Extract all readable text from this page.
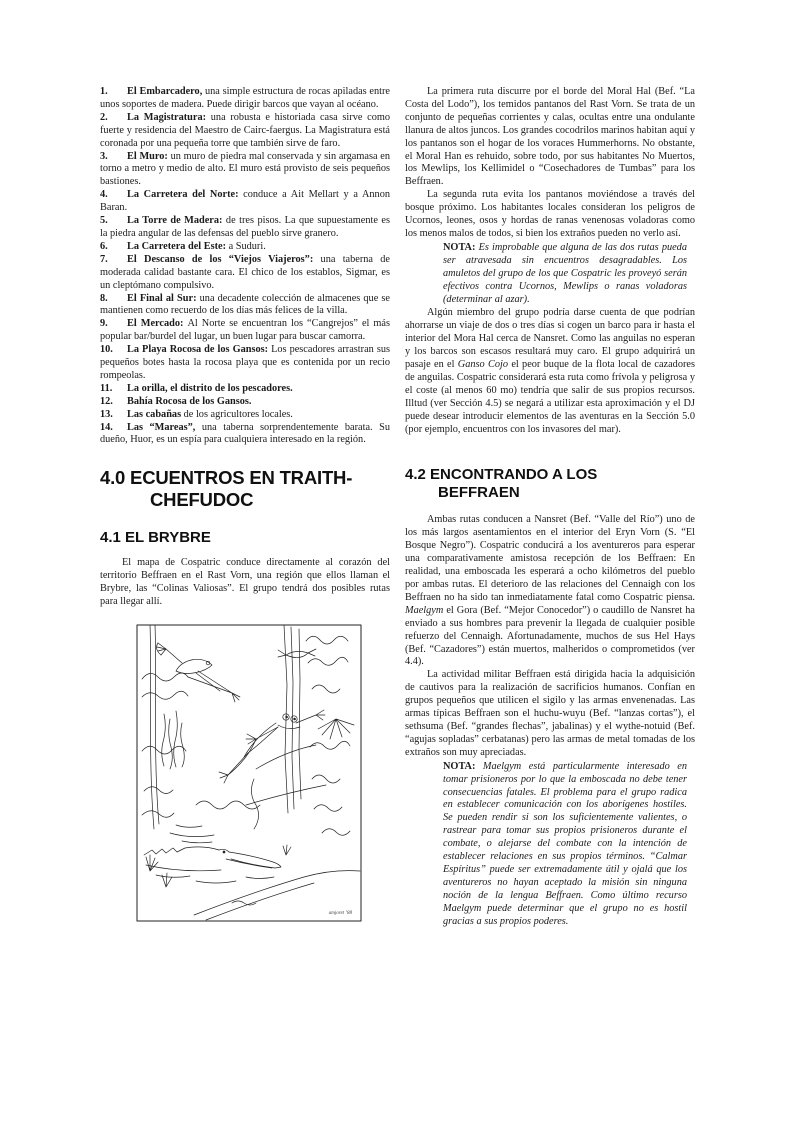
1. El Embarcadero, una simple estructura de rocas apiladas entre unos soportes de madera. Puede dirigir barcos que vayan al océano.

2. La Magistratura: una robusta e historiada casa sirve como fuerte y residencia del Maestro de Cairc-faergus. La Magistratura está coronada por una pequeña torre que también sirve de faro.

3. El Muro: un muro de piedra mal conservada y sin argamasa en torno a metro y medio de alto. El muro está provisto de seis pequeños bastiones.

4. La Carretera del Norte: conduce a Ait Mellart y a Annon Baran.

5. La Torre de Madera: de tres pisos. La que supuestamente es la piedra angular de las defensas del pueblo sirve granero.

6. La Carretera del Este: a Suduri.

7. El Descanso de los “Viejos Viajeros”: una taberna de moderada calidad bastante cara. El chico de los establos, Sigmar, es un cleptómano compulsivo.

8. El Final al Sur: una decadente colección de almacenes que se mantienen como recuerdo de los días más felices de la villa.

9. El Mercado: Al Norte se encuentran los “Cangrejos” el más popular bar/burdel del lugar, un buen lugar para buscar camorra.

10. La Playa Rocosa de los Gansos: Los pescadores arrastran sus pequeños botes hasta la rocosa playa que es contenida por un recio rompeolas.

11. La orilla, el distrito de los pescadores.

12. Bahía Rocosa de los Gansos.

13. Las cabañas de los agricultores locales.

14. Las “Mareas”, una taberna sorprendentemente barata. Su dueño, Huor, es un espía para cualquiera interesado en la región.

4.0 ECUENTROS EN TRAITH-
CHEFUDOC
4.1 EL BRYBRE

El mapa de Cospatric conduce directamente al corazón del territorio Beffraen en el Rast Vorn, una región que ellos llaman el Brybre, las “Colinas Valiosas”. El grupo tendrá dos posibles rutas para llegar allí.

amjoret ’88

La primera ruta discurre por el borde del Moral Hal (Bef. “La Costa del Lodo”), los temidos pantanos del Rast Vorn. Se trata de un conjunto de pequeñas corrientes y calas, ocultas entre una ondulante llanura de altos juncos. Los grandes cocodrilos marinos habitan aquí y los pantanos son el hogar de los voraces Hummerhorns. No obstante, el Moral Han es rehuido, sobre todo, por sus habitantes No Muertos, los Mewlips, los Kellimidel o “Cosechadores de Tumbas” para los Beffraen.

La segunda ruta evita los pantanos moviéndose a través del bosque próximo. Los habitantes locales consideran los peligros de Ucornos, leones, osos y hordas de ranas venenosas voladoras como los menos malos de todos, si bien los extraños pueden no verlo así.

NOTA: Es improbable que alguna de las dos rutas pueda ser atravesada sin encuentros desagradables. Los amuletos del grupo de los que Cospatric les proveyó serán efectivos contra Ucornos, Mewlips o ranas voladoras (determinar al azar).

Algún miembro del grupo podría darse cuenta de que podrían ahorrarse un viaje de dos o tres días si cogen un barco para ir hasta el interior del Mora Hal cerca de Nansret. Como las anguilas no esperan y los barcos son escasos resultará muy caro. El grupo adquirirá un pasaje en el Ganso Cojo el peor buque de la flota local de cazadores de anguilas. Cospatric considerará esta ruta como frívola y peligrosa y el coste (al menos 60 mo) tendría que salir de sus propios recursos. Illtud (ver Sección 4.5) se negará a utilizar esta aproximación y el DJ puede desear introducir elementos de las aventuras en la Sección 5.0 (por ejemplo, encuentros con los invasores del mar).

4.2 ENCONTRANDO A LOS
BEFFRAEN

Ambas rutas conducen a Nansret (Bef. “Valle del Río”) uno de los más largos asentamientos en el interior del Eryn Vorn (S. “El Bosque Negro”). Cospatric conducirá a los aventureros para esperar una comparativamente amistosa recepción de los Beffraen: En realidad, una emboscada les esperará a ocho kilómetros del pueblo por ambas rutas. El deterioro de las relaciones del Cennaigh con los Beffraen no ha sido tan inmediatamente fatal como Cospatric piensa. Maelgym el Gora (Bef. “Mejor Conocedor”) o caudillo de Nansret ha enviado a sus hombres para prevenir la llegada de cualquier posible refuerzo del Cennaigh. Afortunadamente, muchos de sus Hel Hays (Bef. “Cazadores”) están muertos, malheridos o comprometidos (ver 4.4).

La actividad militar Beffraen está dirigida hacia la adquisición de cautivos para la realización de sacrificios humanos. Confían en grupos pequeños que utilicen el sigilo y las armas envenenadas. Las armas típicas Beffraen son el huchu-wuyu (Bef. “lanzas cortas”), el sethsuma (Bef. “grandes flechas”, jabalinas) y el wythe-notuid (Bef. “agujas sopladas” cerbatanas) pero las armas de metal tomadas de los extraños son muy apreciadas.

NOTA: Maelgym está particularmente interesado en tomar prisioneros por lo que la emboscada no debe tener consecuencias fatales. El problema para el grupo radica en establecer comunicación con los aborígenes hostiles. Se pueden rendir si son los suficientemente valientes, o rastrear para tomar sus propios prisioneros durante el combate, o alejarse del combate con la intención de establecer relaciones en sus propios términos. “Calmar Espíritus” puede ser extremadamente útil y ojalá que los aventureros no hayan aceptado la misión sin ninguna noción de la lengua Beffraen. Como último recurso Maelgym puede determinar que el grupo no es hostil gracias a sus propios poderes.
